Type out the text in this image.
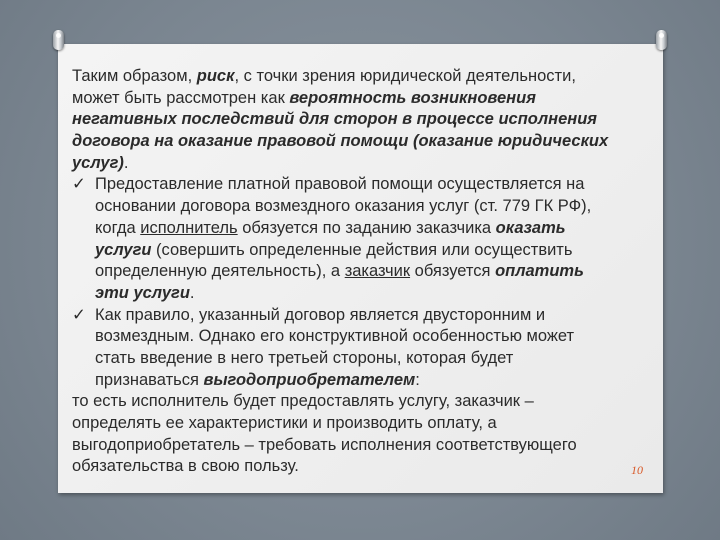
Таким образом, риск, с точки зрения юридической деятельности,
может быть рассмотрен как вероятность возникновения
негативных последствий для сторон в процессе исполнения
договора на оказание правовой помощи (оказание юридических
услуг).
✓ Предоставление платной правовой помощи осуществляется на
основании договора возмездного оказания услуг (ст. 779 ГК РФ),
когда исполнитель обязуется по заданию заказчика оказать
услуги (совершить определенные действия или осуществить
определенную деятельность), а заказчик обязуется оплатить
эти услуги.
✓ Как правило, указанный договор является двусторонним и
возмездным. Однако его конструктивной особенностью может
стать введение в него третьей стороны, которая будет
признаваться выгодоприобретателем:
то есть исполнитель будет предоставлять услугу, заказчик –
определять ее характеристики и производить оплату, а
выгодоприобретатель – требовать исполнения соответствующего
обязательства в свою пользу.	10
